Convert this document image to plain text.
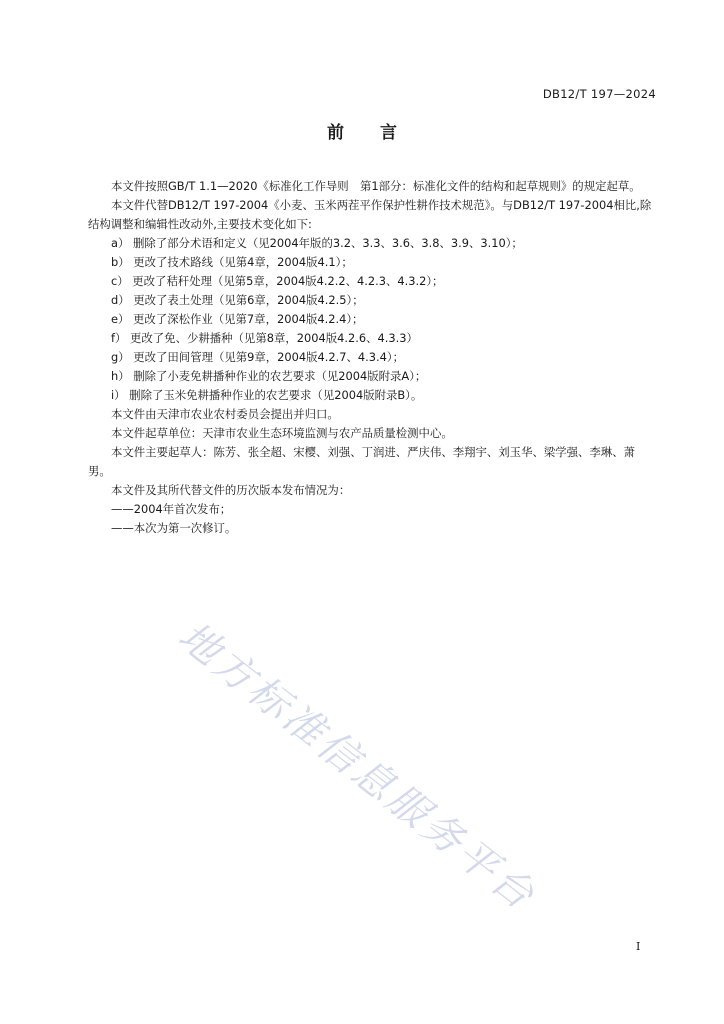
DB12/T 197—2024
前 言

本文件按照GB/T 1.1—2020《标准化工作导则　第1部分：标准化文件的结构和起草规则》的规定起草。

本文件代替DB12/T 197-2004《小麦、玉米两茬平作保护性耕作技术规范》。与DB12/T 197-2004相比,除结构调整和编辑性改动外,主要技术变化如下:

a） 删除了部分术语和定义（见2004年版的3.2、3.3、3.6、3.8、3.9、3.10）；

b） 更改了技术路线（见第4章，2004版4.1）；

c） 更改了秸秆处理（见第5章，2004版4.2.2、4.2.3、4.3.2）；

d） 更改了表土处理（见第6章，2004版4.2.5）；

e） 更改了深松作业（见第7章，2004版4.2.4）；

f） 更改了免、少耕播种（见第8章，2004版4.2.6、4.3.3）

g） 更改了田间管理（见第9章，2004版4.2.7、4.3.4）；

h） 删除了小麦免耕播种作业的农艺要求（见2004版附录A）；

i） 删除了玉米免耕播种作业的农艺要求（见2004版附录B）。

本文件由天津市农业农村委员会提出并归口。

本文件起草单位：天津市农业生态环境监测与农产品质量检测中心。

本文件主要起草人：陈芳、张全超、宋樱、刘强、丁润进、严庆伟、李翔宇、刘玉华、梁学强、李琳、萧男。

本文件及其所代替文件的历次版本发布情况为：

——2004年首次发布；

——本次为第一次修订。

地方标准信息服务平台
I
